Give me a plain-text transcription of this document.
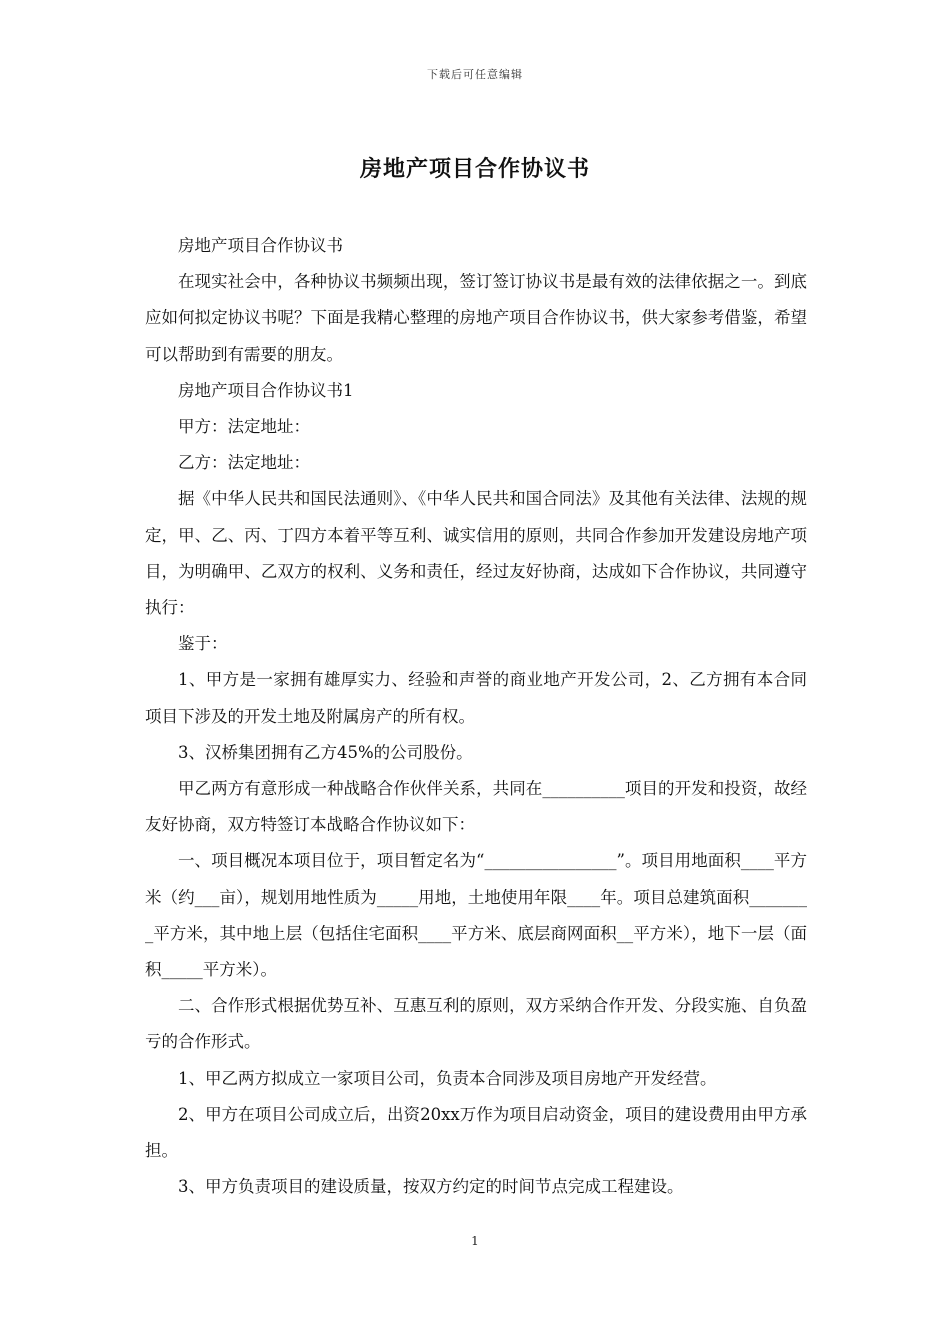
下载后可任意编辑
房地产项目合作协议书

房地产项目合作协议书

在现实社会中，各种协议书频频出现，签订签订协议书是最有效的法律依据之一。到底应如何拟定协议书呢？下面是我精心整理的房地产项目合作协议书，供大家参考借鉴，希望可以帮助到有需要的朋友。

房地产项目合作协议书1

甲方：法定地址：

乙方：法定地址：

据《中华人民共和国民法通则》、《中华人民共和国合同法》及其他有关法律、法规的规定，甲、乙、丙、丁四方本着平等互利、诚实信用的原则，共同合作参加开发建设房地产项目，为明确甲、乙双方的权利、义务和责任，经过友好协商，达成如下合作协议，共同遵守执行：

鉴于：

1、甲方是一家拥有雄厚实力、经验和声誉的商业地产开发公司，2、乙方拥有本合同项目下涉及的开发土地及附属房产的所有权。

3、汉桥集团拥有乙方45%的公司股份。

甲乙两方有意形成一种战略合作伙伴关系，共同在__________项目的开发和投资，故经友好协商，双方特签订本战略合作协议如下：

一、项目概况本项目位于，项目暂定名为“________________”。项目用地面积____平方米（约___亩），规划用地性质为_____用地，土地使用年限____年。项目总建筑面积________平方米，其中地上层（包括住宅面积____平方米、底层商网面积__平方米），地下一层（面积_____平方米）。

二、合作形式根据优势互补、互惠互利的原则，双方采纳合作开发、分段实施、自负盈亏的合作形式。

1、甲乙两方拟成立一家项目公司，负责本合同涉及项目房地产开发经营。

2、甲方在项目公司成立后，出资20xx万作为项目启动资金，项目的建设费用由甲方承担。

3、甲方负责项目的建设质量，按双方约定的时间节点完成工程建设。

1
